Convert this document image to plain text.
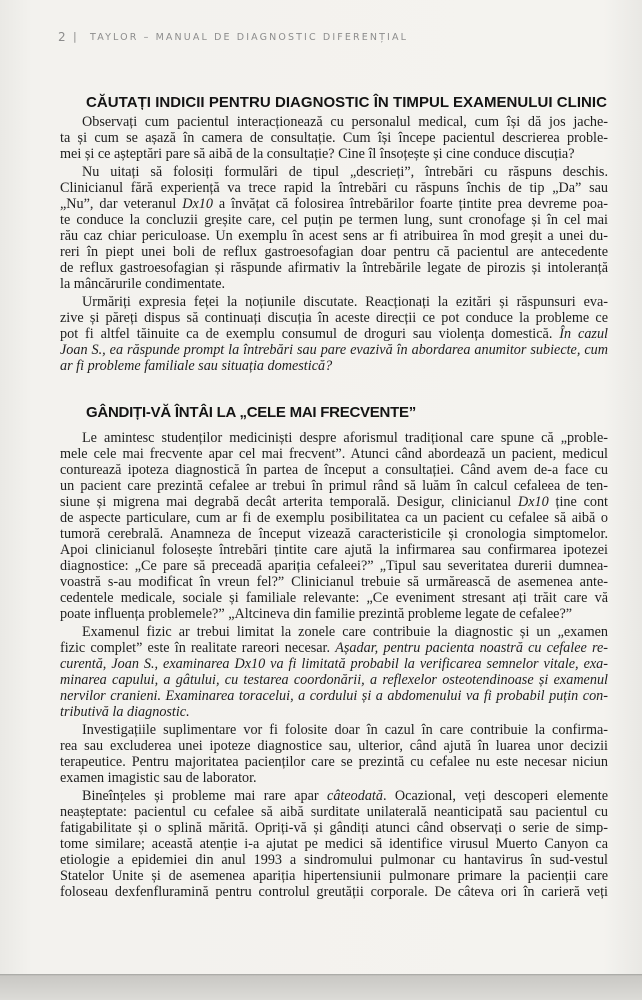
2 | TAYLOR – MANUAL DE DIAGNOSTIC DIFERENȚIAL
CĂUTAȚI INDICII PENTRU DIAGNOSTIC ÎN TIMPUL EXAMENULUI CLINIC
Observați cum pacientul interacționează cu personalul medical, cum își dă jos jache-
ta și cum se așază în camera de consultație. Cum își începe pacientul descrierea proble-
mei și ce așteptări pare să aibă de la consultație? Cine îl însoțește și cine conduce discuția?
Nu uitați să folosiți formulări de tipul „descrieți”, întrebări cu răspuns deschis.
Clinicianul fără experiență va trece rapid la întrebări cu răspuns închis de tip „Da” sau
„Nu”, dar veteranul Dx10 a învățat că folosirea întrebărilor foarte țintite prea devreme poa-
te conduce la concluzii greșite care, cel puțin pe termen lung, sunt cronofage și în cel mai
rău caz chiar periculoase. Un exemplu în acest sens ar fi atribuirea în mod greșit a unei du-
reri în piept unei boli de reflux gastroesofagian doar pentru că pacientul are antecedente
de reflux gastroesofagian și răspunde afirmativ la întrebările legate de pirozis și intoleranță
la mâncărurile condimentate.
Urmăriți expresia feței la noțiunile discutate. Reacționați la ezitări și răspunsuri eva-
zive și păreți dispus să continuați discuția în aceste direcții ce pot conduce la probleme ce
pot fi altfel tăinuite ca de exemplu consumul de droguri sau violența domestică. În cazul
Joan S., ea răspunde prompt la întrebări sau pare evazivă în abordarea anumitor subiecte, cum
ar fi probleme familiale sau situația domestică?
GÂNDIȚI-VĂ ÎNTÂI LA „CELE MAI FRECVENTE”
Le amintesc studenților mediciniști despre aforismul tradițional care spune că „proble-
mele cele mai frecvente apar cel mai frecvent”. Atunci când abordează un pacient, medicul
conturează ipoteza diagnostică în partea de început a consultației. Când avem de-a face cu
un pacient care prezintă cefalee ar trebui în primul rând să luăm în calcul cefaleea de ten-
siune și migrena mai degrabă decât arterita temporală. Desigur, clinicianul Dx10 ține cont
de aspecte particulare, cum ar fi de exemplu posibilitatea ca un pacient cu cefalee să aibă o
tumoră cerebrală. Anamneza de început vizează caracteristicile și cronologia simptomelor.
Apoi clinicianul folosește întrebări țintite care ajută la infirmarea sau confirmarea ipotezei
diagnostice: „Ce pare să preceadă apariția cefaleei?” „Tipul sau severitatea durerii dumnea-
voastră s-au modificat în vreun fel?” Clinicianul trebuie să urmărească de asemenea ante-
cedentele medicale, sociale și familiale relevante: „Ce eveniment stresant ați trăit care vă
poate influența problemele?” „Altcineva din familie prezintă probleme legate de cefalee?”
Examenul fizic ar trebui limitat la zonele care contribuie la diagnostic și un „examen
fizic complet” este în realitate rareori necesar. Așadar, pentru pacienta noastră cu cefalee re-
curentă, Joan S., examinarea Dx10 va fi limitată probabil la verificarea semnelor vitale, exa-
minarea capului, a gâtului, cu testarea coordonării, a reflexelor osteotendinoase și examenul
nervilor cranieni. Examinarea toracelui, a cordului și a abdomenului va fi probabil puțin con-
tributivă la diagnostic.
Investigațiile suplimentare vor fi folosite doar în cazul în care contribuie la confirma-
rea sau excluderea unei ipoteze diagnostice sau, ulterior, când ajută în luarea unor decizii
terapeutice. Pentru majoritatea pacienților care se prezintă cu cefalee nu este necesar niciun
examen imagistic sau de laborator.
Bineînțeles și probleme mai rare apar câteodată. Ocazional, veți descoperi elemente
neașteptate: pacientul cu cefalee să aibă surditate unilaterală neanticipată sau pacientul cu
fatigabilitate și o splină mărită. Opriți-vă și gândiți atunci când observați o serie de simp-
tome similare; această atenție i-a ajutat pe medici să identifice virusul Muerto Canyon ca
etiologie a epidemiei din anul 1993 a sindromului pulmonar cu hantavirus în sud-vestul
Statelor Unite și de asemenea apariția hipertensiunii pulmonare primare la pacienții care
foloseau dexfenfluramină pentru controlul greutății corporale. De câteva ori în carieră veți
